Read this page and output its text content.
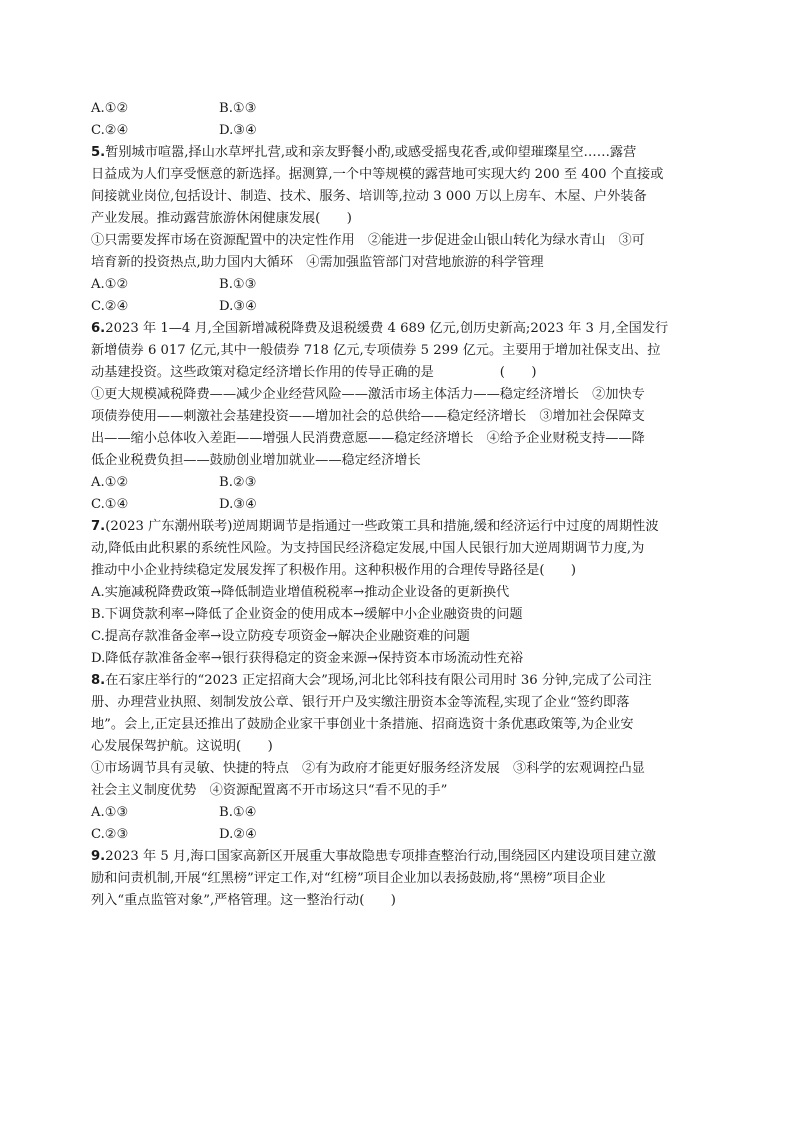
A.①②	B.①③
C.②④	D.③④
5.暂别城市喧嚣,择山水草坪扎营,或和亲友野餐小酌,或感受摇曳花香,或仰望璀璨星空……露营
日益成为人们享受惬意的新选择。据测算,一个中等规模的露营地可实现大约 200 至 400 个直接或
间接就业岗位,包括设计、制造、技术、服务、培训等,拉动 3 000 万以上房车、木屋、户外装备
产业发展。推动露营旅游休闲健康发展(　　)
①只需要发挥市场在资源配置中的决定性作用　②能进一步促进金山银山转化为绿水青山　③可
培育新的投资热点,助力国内大循环　④需加强监管部门对营地旅游的科学管理
A.①②	B.①③
C.②④	D.③④
6.2023 年 1—4 月,全国新增减税降费及退税缓费 4 689 亿元,创历史新高;2023 年 3 月,全国发行
新增债券 6 017 亿元,其中一般债券 718 亿元,专项债券 5 299 亿元。主要用于增加社保支出、拉
动基建投资。这些政策对稳定经济增长作用的传导正确的是　　　　　(　　)
①更大规模减税降费——减少企业经营风险——激活市场主体活力——稳定经济增长　②加快专
项债券使用——刺激社会基建投资——增加社会的总供给——稳定经济增长　③增加社会保障支
出——缩小总体收入差距——增强人民消费意愿——稳定经济增长　④给予企业财税支持——降
低企业税费负担——鼓励创业增加就业——稳定经济增长
A.①②	B.②③
C.①④	D.③④
7.(2023 广东潮州联考)逆周期调节是指通过一些政策工具和措施,缓和经济运行中过度的周期性波
动,降低由此积累的系统性风险。为支持国民经济稳定发展,中国人民银行加大逆周期调节力度,为
推动中小企业持续稳定发展发挥了积极作用。这种积极作用的合理传导路径是(　　)
A.实施减税降费政策→降低制造业增值税税率→推动企业设备的更新换代
B.下调贷款利率→降低了企业资金的使用成本→缓解中小企业融资贵的问题
C.提高存款准备金率→设立防疫专项资金→解决企业融资难的问题
D.降低存款准备金率→银行获得稳定的资金来源→保持资本市场流动性充裕
8.在石家庄举行的“2023 正定招商大会”现场,河北比邻科技有限公司用时 36 分钟,完成了公司注
册、办理营业执照、刻制发放公章、银行开户及实缴注册资本金等流程,实现了企业“签约即落
地”。会上,正定县还推出了鼓励企业家干事创业十条措施、招商选资十条优惠政策等,为企业安
心发展保驾护航。这说明(　　)
①市场调节具有灵敏、快捷的特点　②有为政府才能更好服务经济发展　③科学的宏观调控凸显
社会主义制度优势　④资源配置离不开市场这只“看不见的手”
A.①③	B.①④
C.②③	D.②④
9.2023 年 5 月,海口国家高新区开展重大事故隐患专项排查整治行动,围绕园区内建设项目建立激
励和问责机制,开展“红黑榜”评定工作,对“红榜”项目企业加以表扬鼓励,将“黑榜”项目企业
列入“重点监管对象”,严格管理。这一整治行动(　　)
